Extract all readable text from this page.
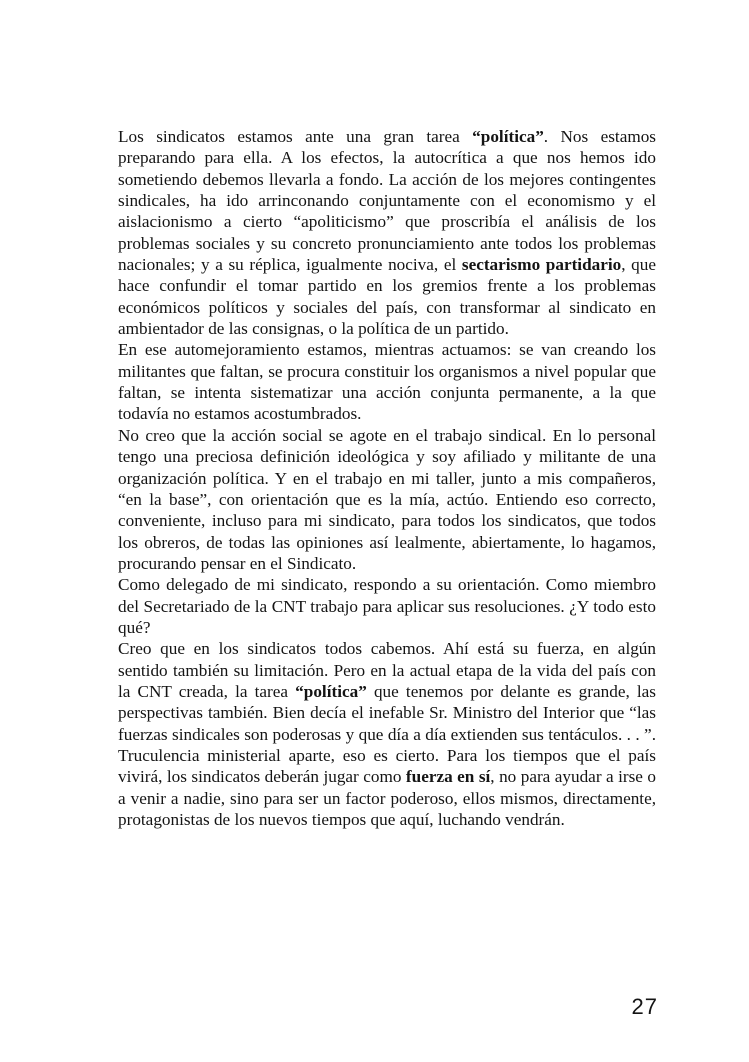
Los sindicatos estamos ante una gran tarea “política”. Nos estamos preparando para ella. A los efectos, la autocrítica a que nos hemos ido sometiendo debemos llevarla a fondo. La acción de los mejores contingentes sindicales, ha ido arrinconando conjuntamente con el economismo y el aislacionismo a cierto “apoliticismo” que proscribía el análisis de los problemas sociales y su concreto pronunciamiento ante todos los problemas nacionales; y a su réplica, igualmente nociva, el sectarismo partidario, que hace confundir el tomar partido en los gremios frente a los problemas económicos políticos y sociales del país, con transformar al sindicato en ambientador de las consignas, o la política de un partido.

En ese automejoramiento estamos, mientras actuamos: se van creando los militantes que faltan, se procura constituir los organismos a nivel popular que faltan, se intenta sistematizar una acción conjunta permanente, a la que todavía no estamos acostumbrados.

No creo que la acción social se agote en el trabajo sindical. En lo personal tengo una preciosa definición ideológica y soy afiliado y militante de una organización política. Y en el trabajo en mi taller, junto a mis compañeros, “en la base”, con orientación que es la mía, actúo. Entiendo eso correcto, conveniente, incluso para mi sindicato, para todos los sindicatos, que todos los obreros, de todas las opiniones así lealmente, abiertamente, lo hagamos, procurando pensar en el Sindicato.

Como delegado de mi sindicato, respondo a su orientación. Como miembro del Secretariado de la CNT trabajo para aplicar sus resoluciones. ¿Y todo esto qué?

Creo que en los sindicatos todos cabemos. Ahí está su fuerza, en algún sentido también su limitación. Pero en la actual etapa de la vida del país con la CNT creada, la tarea “política” que tenemos por delante es grande, las perspectivas también. Bien decía el inefable Sr. Ministro del Interior que “las fuerzas sindicales son poderosas y que día a día extienden sus tentáculos. . . ”. Truculencia ministerial aparte, eso es cierto. Para los tiempos que el país vivirá, los sindicatos deberán jugar como fuerza en sí, no para ayudar a irse o a venir a nadie, sino para ser un factor poderoso, ellos mismos, directamente, protagonistas de los nuevos tiempos que aquí, luchando vendrán.

27
